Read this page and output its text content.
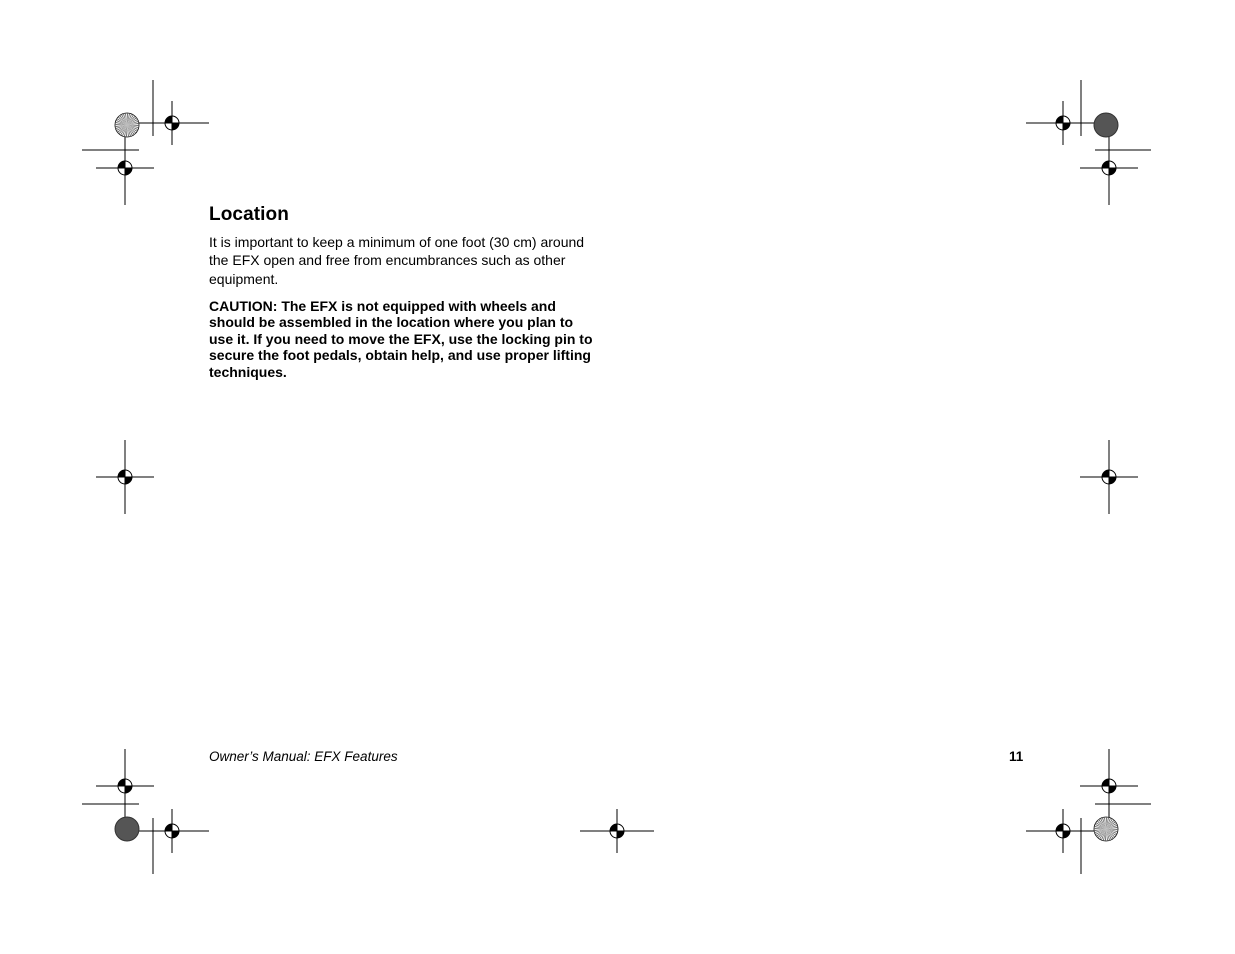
Location

It is important to keep a minimum of one foot (30 cm) around the EFX open and free from encumbrances such as other equipment.

CAUTION: The EFX is not equipped with wheels and should be assembled in the location where you plan to use it. If you need to move the EFX, use the locking pin to secure the foot pedals, obtain help, and use proper lifting techniques.

Owner’s Manual: EFX Features	11
